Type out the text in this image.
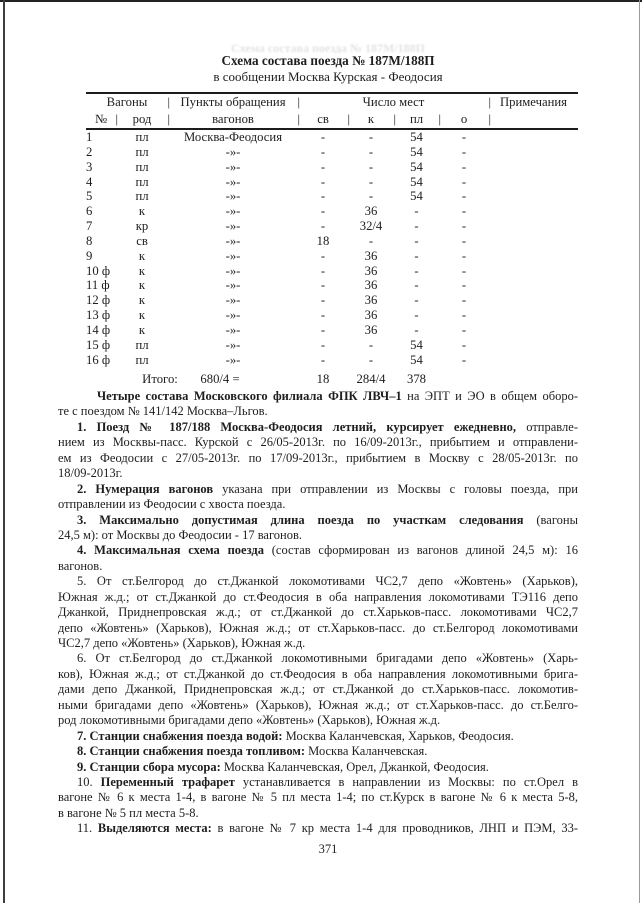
Схема состава поезда № 187М/188П
Схема состава поезда № 187М/188П
в сообщении Москва Курская - Феодосия
Вагоны | Пункты обращения |	Число мест	| Примечания
№ |	род |	вагонов	|	св |	к |	пл |	о |
1	пл	Москва-Феодосия	-	-	54	-
2	пл	-»-	-	-	54	-
3	пл	-»-	-	-	54	-
4	пл	-»-	-	-	54	-
5	пл	-»-	-	-	54	-
6	к	-»-	-	36	-	-
7	кр	-»-	-	32/4	-	-
8	св	-»-	18	-	-	-
9	к	-»-	-	36	-	-
10 ф	к	-»-	-	36	-	-
11 ф	к	-»-	-	36	-	-
12 ф	к	-»-	-	36	-	-
13 ф	к	-»-	-	36	-	-
14 ф	к	-»-	-	36	-	-
15 ф	пл	-»-	-	-	54	-
16 ф	пл	-»-	-	-	54	-
Итого:	680/4 =	18	284/4	378
Четыре состава Московского филиала ФПК ЛВЧ–1 на ЭПТ и ЭО в общем оборо-
те с поездом № 141/142 Москва–Льгов.
1. Поезд № 187/188 Москва-Феодосия летний, курсирует ежедневно, отправле-
нием из Москвы-пасс. Курской с 26/05-2013г. по 16/09-2013г., прибытием и отправлени-
ем из Феодосии с 27/05-2013г. по 17/09-2013г., прибытием в Москву с 28/05-2013г. по
18/09-2013г.
2. Нумерация вагонов указана при отправлении из Москвы с головы поезда, при
отправлении из Феодосии с хвоста поезда.
3. Максимально допустимая длина поезда по участкам следования (вагоны
24,5 м): от Москвы до Феодосии - 17 вагонов.
4. Максимальная схема поезда (состав сформирован из вагонов длиной 24,5 м): 16
вагонов.
5. От ст.Белгород до ст.Джанкой локомотивами ЧС2,7 депо «Жовтень» (Харьков),
Южная ж.д.; от ст.Джанкой до ст.Феодосия в оба направления локомотивами ТЭ116 депо
Джанкой, Приднепровская ж.д.; от ст.Джанкой до ст.Харьков-пасс. локомотивами ЧС2,7
депо «Жовтень» (Харьков), Южная ж.д.; от ст.Харьков-пасс. до ст.Белгород локомотивами
ЧС2,7 депо «Жовтень» (Харьков), Южная ж.д.
6. От ст.Белгород до ст.Джанкой локомотивными бригадами депо «Жовтень» (Харь-
ков), Южная ж.д.; от ст.Джанкой до ст.Феодосия в оба направления локомотивными брига-
дами депо Джанкой, Приднепровская ж.д.; от ст.Джанкой до ст.Харьков-пасс. локомотив-
ными бригадами депо «Жовтень» (Харьков), Южная ж.д.; от ст.Харьков-пасс. до ст.Белго-
род локомотивными бригадами депо «Жовтень» (Харьков), Южная ж.д.
7. Станции снабжения поезда водой: Москва Каланчевская, Харьков, Феодосия.
8. Станции снабжения поезда топливом: Москва Каланчевская.
9. Станции сбора мусора: Москва Каланчевская, Орел, Джанкой, Феодосия.
10. Переменный трафарет устанавливается в направлении из Москвы: по ст.Орел в
вагоне № 6 к места 1-4, в вагоне № 5 пл места 1-4; по ст.Курск в вагоне № 6 к места 5-8,
в вагоне № 5 пл места 5-8.
11. Выделяются места: в вагоне № 7 кр места 1-4 для проводников, ЛНП и ПЭМ, 33-
371
